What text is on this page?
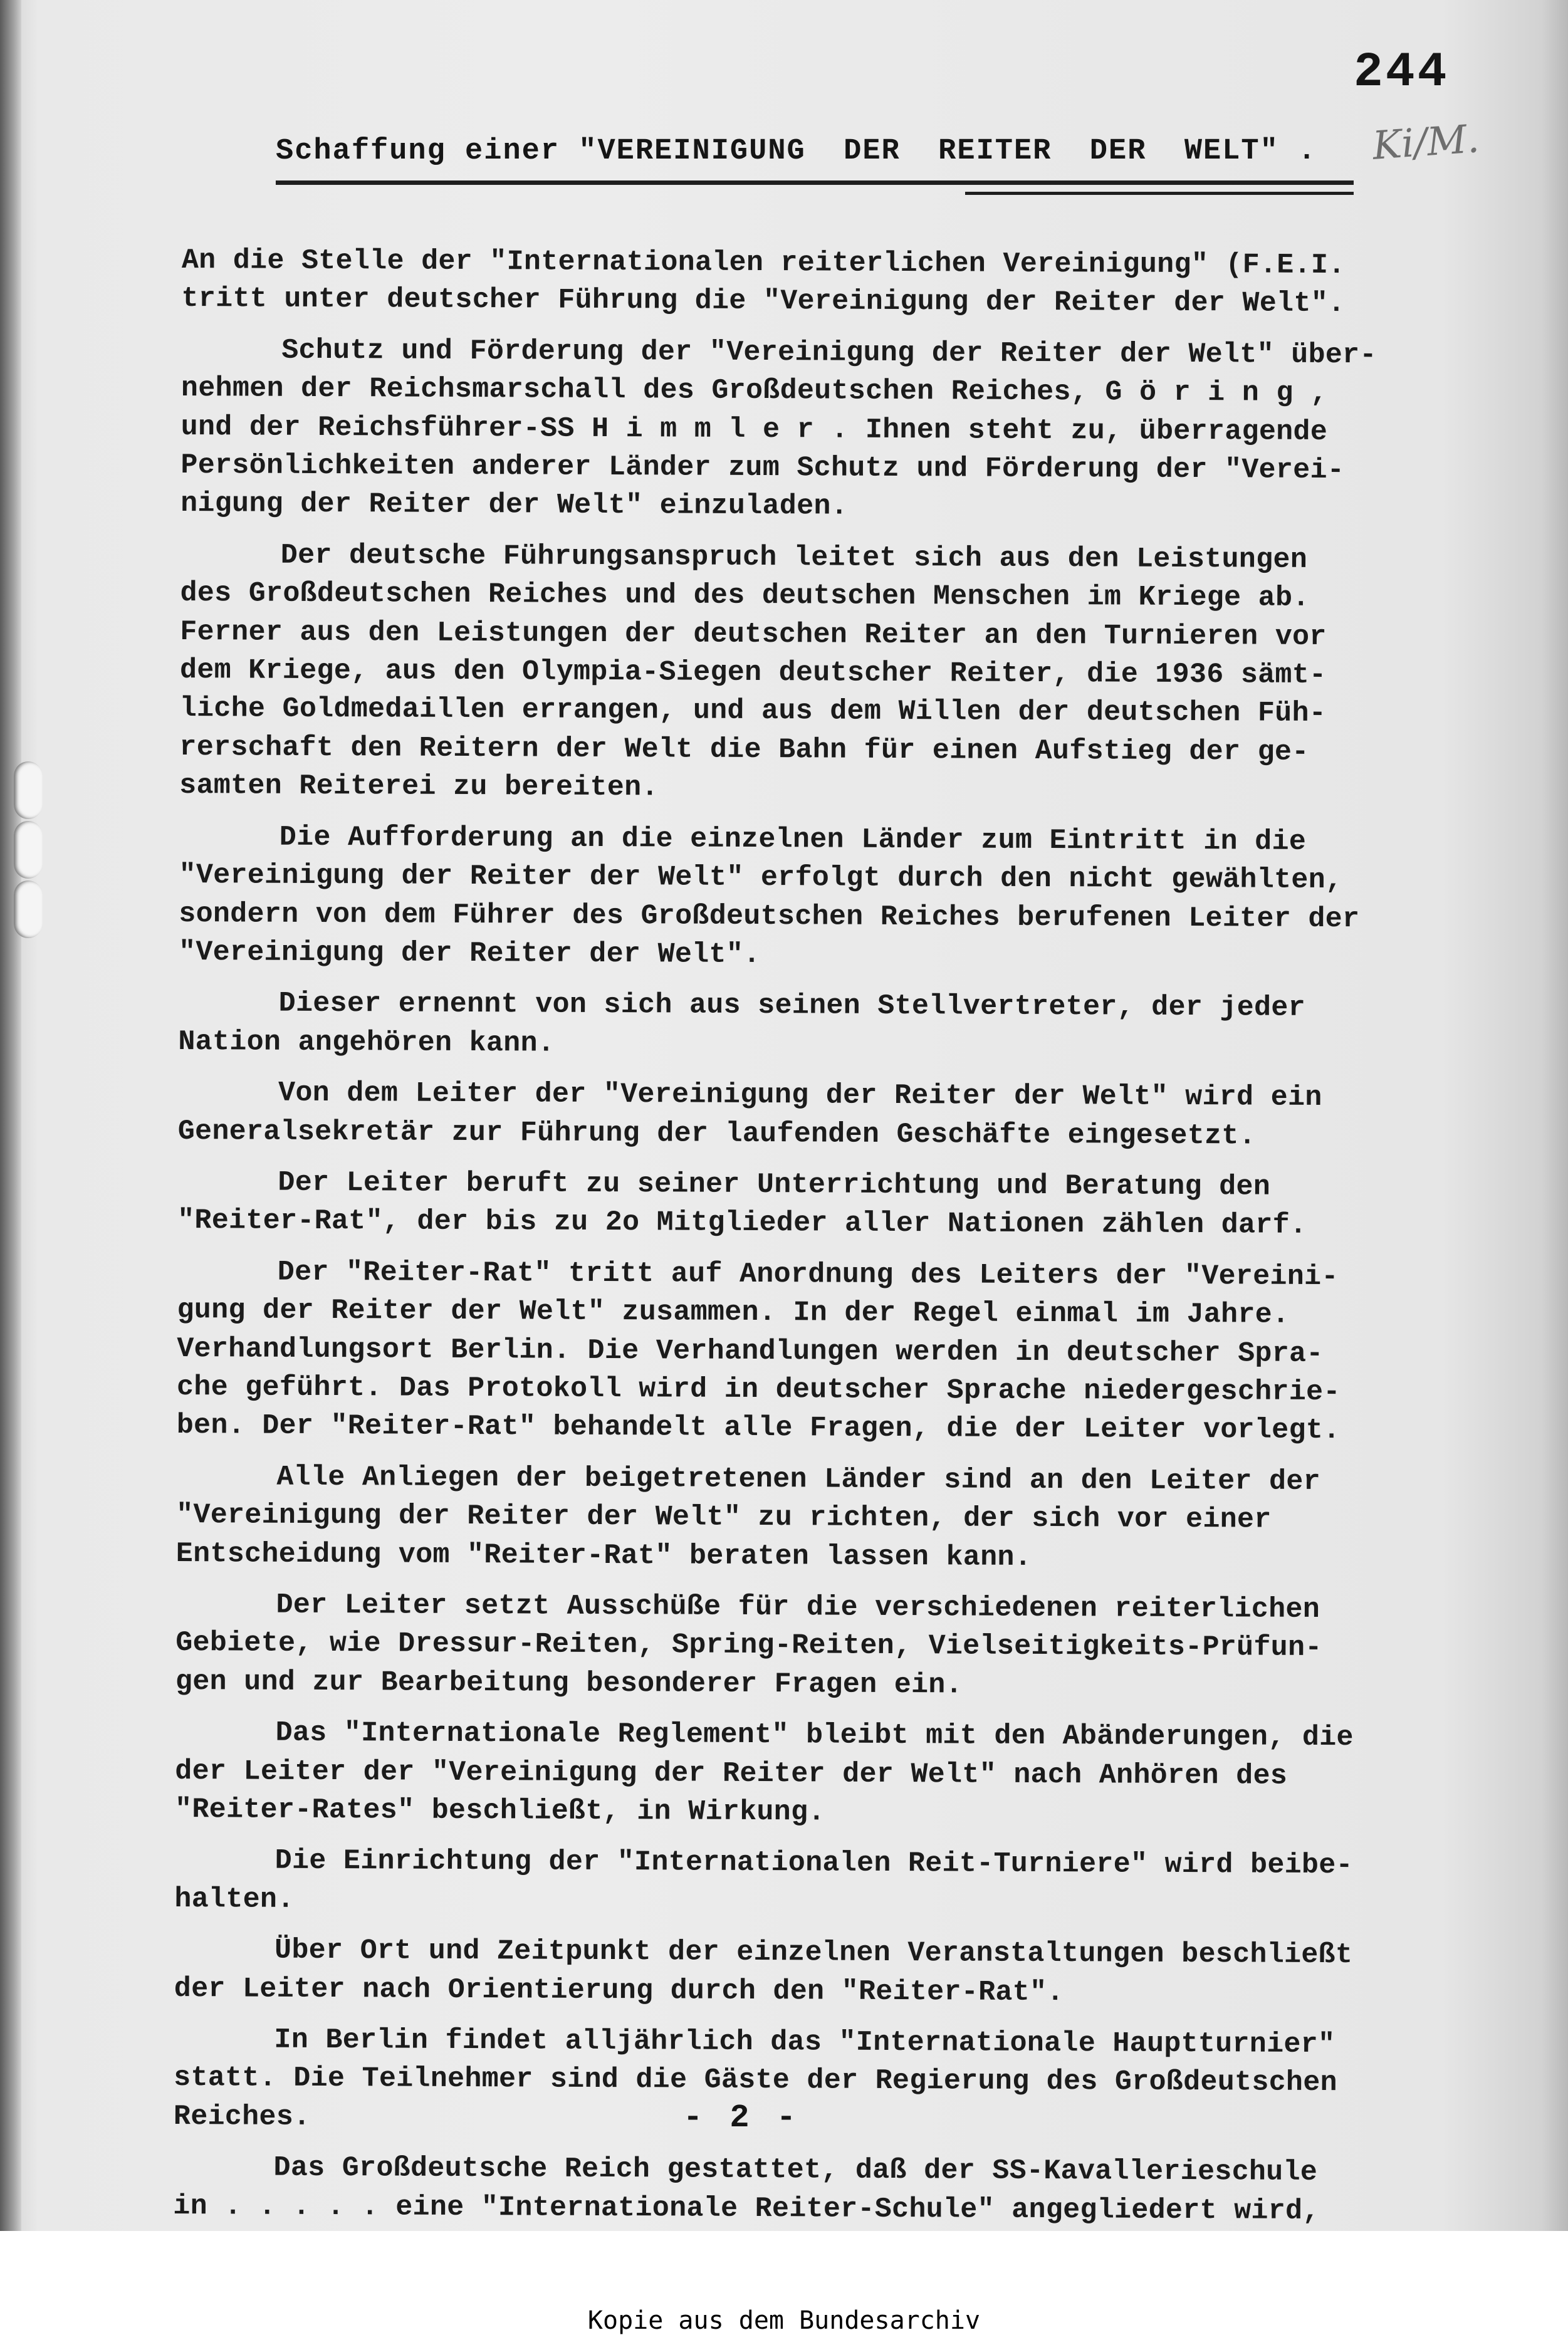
244
Ki/M.
Schaffung einer "VEREINIGUNG  DER  REITER  DER  WELT" .

An die Stelle der "Internationalen reiterlichen Vereinigung" (F.E.I.
tritt unter deutscher Führung die "Vereinigung der Reiter der Welt".

Schutz und Förderung der "Vereinigung der Reiter der Welt" über-
nehmen der Reichsmarschall des Großdeutschen Reiches, G ö r i n g ,
und der Reichsführer-SS H i m m l e r . Ihnen steht zu, überragende
Persönlichkeiten anderer Länder zum Schutz und Förderung der "Verei-
nigung der Reiter der Welt" einzuladen.

Der deutsche Führungsanspruch leitet sich aus den Leistungen
des Großdeutschen Reiches und des deutschen Menschen im Kriege ab.
Ferner aus den Leistungen der deutschen Reiter an den Turnieren vor
dem Kriege, aus den Olympia-Siegen deutscher Reiter, die 1936 sämt-
liche Goldmedaillen errangen, und aus dem Willen der deutschen Füh-
rerschaft den Reitern der Welt die Bahn für einen Aufstieg der ge-
samten Reiterei zu bereiten.

Die Aufforderung an die einzelnen Länder zum Eintritt in die
"Vereinigung der Reiter der Welt" erfolgt durch den nicht gewählten,
sondern von dem Führer des Großdeutschen Reiches berufenen Leiter der
"Vereinigung der Reiter der Welt".

Dieser ernennt von sich aus seinen Stellvertreter, der jeder
Nation angehören kann.

Von dem Leiter der "Vereinigung der Reiter der Welt" wird ein
Generalsekretär zur Führung der laufenden Geschäfte eingesetzt.

Der Leiter beruft zu seiner Unterrichtung und Beratung den
"Reiter-Rat", der bis zu 2o Mitglieder aller Nationen zählen darf.

Der "Reiter-Rat" tritt auf Anordnung des Leiters der "Vereini-
gung der Reiter der Welt" zusammen. In der Regel einmal im Jahre.
Verhandlungsort Berlin. Die Verhandlungen werden in deutscher Spra-
che geführt. Das Protokoll wird in deutscher Sprache niedergeschrie-
ben. Der "Reiter-Rat" behandelt alle Fragen, die der Leiter vorlegt.

Alle Anliegen der beigetretenen Länder sind an den Leiter der
"Vereinigung der Reiter der Welt" zu richten, der sich vor einer
Entscheidung vom "Reiter-Rat" beraten lassen kann.

Der Leiter setzt Ausschüße für die verschiedenen reiterlichen
Gebiete, wie Dressur-Reiten, Spring-Reiten, Vielseitigkeits-Prüfun-
gen und zur Bearbeitung besonderer Fragen ein.

Das "Internationale Reglement" bleibt mit den Abänderungen, die
der Leiter der "Vereinigung der Reiter der Welt" nach Anhören des
"Reiter-Rates" beschließt, in Wirkung.

Die Einrichtung der "Internationalen Reit-Turniere" wird beibe-
halten.

Über Ort und Zeitpunkt der einzelnen Veranstaltungen beschließt
der Leiter nach Orientierung durch den "Reiter-Rat".

In Berlin findet alljährlich das "Internationale Hauptturnier"
statt. Die Teilnehmer sind die Gäste der Regierung des Großdeutschen
Reiches.

Das Großdeutsche Reich gestattet, daß der SS-Kavallerieschule
in . . . . . eine "Internationale Reiter-Schule" angegliedert wird,

- 2 -
Kopie aus dem Bundesarchiv
